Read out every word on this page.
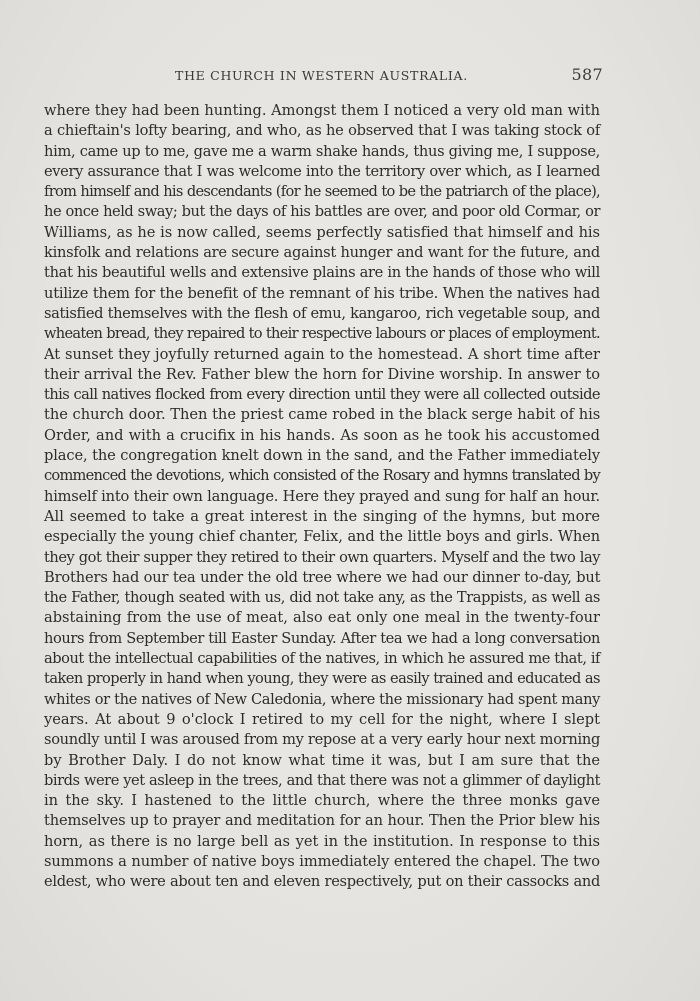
THE CHURCH IN WESTERN AUSTRALIA.	587
where they had been hunting. Amongst them I noticed a very old man with
a chieftain's lofty bearing, and who, as he observed that I was taking stock of
him, came up to me, gave me a warm shake hands, thus giving me, I suppose,
every assurance that I was welcome into the territory over which, as I learned
from himself and his descendants (for he seemed to be the patriarch of the place),
he once held sway; but the days of his battles are over, and poor old Cormar, or
Williams, as he is now called, seems perfectly satisfied that himself and his
kinsfolk and relations are secure against hunger and want for the future, and
that his beautiful wells and extensive plains are in the hands of those who will
utilize them for the benefit of the remnant of his tribe. When the natives had
satisfied themselves with the flesh of emu, kangaroo, rich vegetable soup, and
wheaten bread, they repaired to their respective labours or places of employment.
At sunset they joyfully returned again to the homestead. A short time after
their arrival the Rev. Father blew the horn for Divine worship. In answer to
this call natives flocked from every direction until they were all collected outside
the church door. Then the priest came robed in the black serge habit of his
Order, and with a crucifix in his hands. As soon as he took his accustomed
place, the congregation knelt down in the sand, and the Father immediately
commenced the devotions, which consisted of the Rosary and hymns translated by
himself into their own language. Here they prayed and sung for half an hour.
All seemed to take a great interest in the singing of the hymns, but more
especially the young chief chanter, Felix, and the little boys and girls. When
they got their supper they retired to their own quarters. Myself and the two lay
Brothers had our tea under the old tree where we had our dinner to-day, but
the Father, though seated with us, did not take any, as the Trappists, as well as
abstaining from the use of meat, also eat only one meal in the twenty-four
hours from September till Easter Sunday. After tea we had a long conversation
about the intellectual capabilities of the natives, in which he assured me that, if
taken properly in hand when young, they were as easily trained and educated as
whites or the natives of New Caledonia, where the missionary had spent many
years. At about 9 o'clock I retired to my cell for the night, where I slept
soundly until I was aroused from my repose at a very early hour next morning
by Brother Daly. I do not know what time it was, but I am sure that the
birds were yet asleep in the trees, and that there was not a glimmer of daylight
in the sky. I hastened to the little church, where the three monks gave
themselves up to prayer and meditation for an hour. Then the Prior blew his
horn, as there is no large bell as yet in the institution. In response to this
summons a number of native boys immediately entered the chapel. The two
eldest, who were about ten and eleven respectively, put on their cassocks and
